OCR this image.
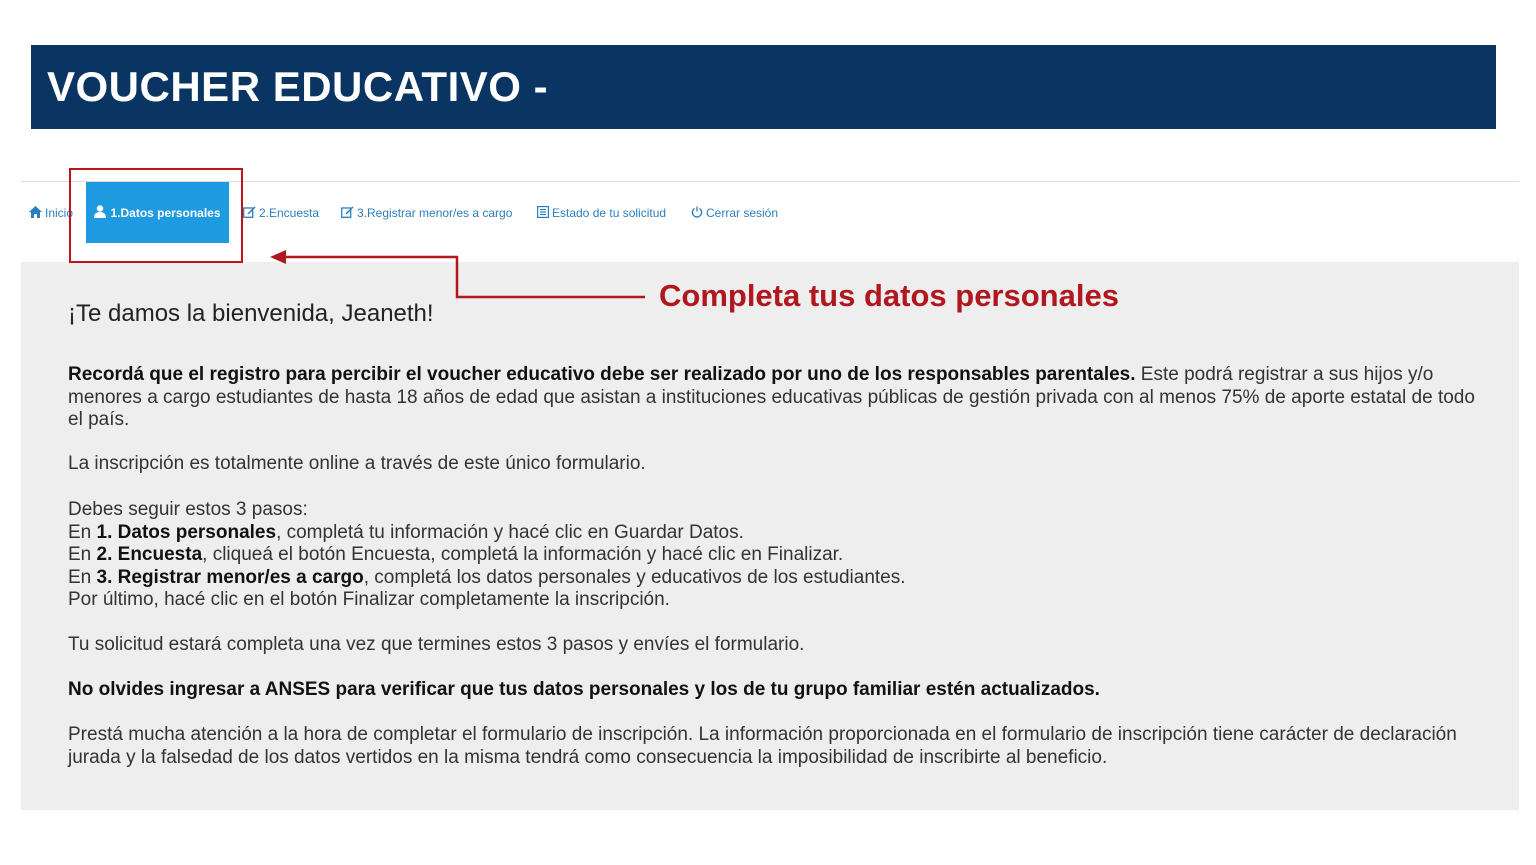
VOUCHER EDUCATIVO -
Inicio	1.Datos personales	2.Encuesta	3.Registrar menor/es a cargo	Estado de tu solicitud	Cerrar sesión
¡Te damos la bienvenida, Jeaneth!
Recordá que el registro para percibir el voucher educativo debe ser realizado por uno de los responsables parentales. Este podrá registrar a sus hijos y/o menores a cargo estudiantes de hasta 18 años de edad que asistan a instituciones educativas públicas de gestión privada con al menos 75% de aporte estatal de todo el país.
La inscripción es totalmente online a través de este único formulario.
Debes seguir estos 3 pasos:
En 1. Datos personales, completá tu información y hacé clic en Guardar Datos.
En 2. Encuesta, cliqueá el botón Encuesta, completá la información y hacé clic en Finalizar.
En 3. Registrar menor/es a cargo, completá los datos personales y educativos de los estudiantes.
Por último, hacé clic en el botón Finalizar completamente la inscripción.
Tu solicitud estará completa una vez que termines estos 3 pasos y envíes el formulario.
No olvides ingresar a ANSES para verificar que tus datos personales y los de tu grupo familiar estén actualizados.
Prestá mucha atención a la hora de completar el formulario de inscripción. La información proporcionada en el formulario de inscripción tiene carácter de declaración jurada y la falsedad de los datos vertidos en la misma tendrá como consecuencia la imposibilidad de inscribirte al beneficio.
Completa tus datos personales
